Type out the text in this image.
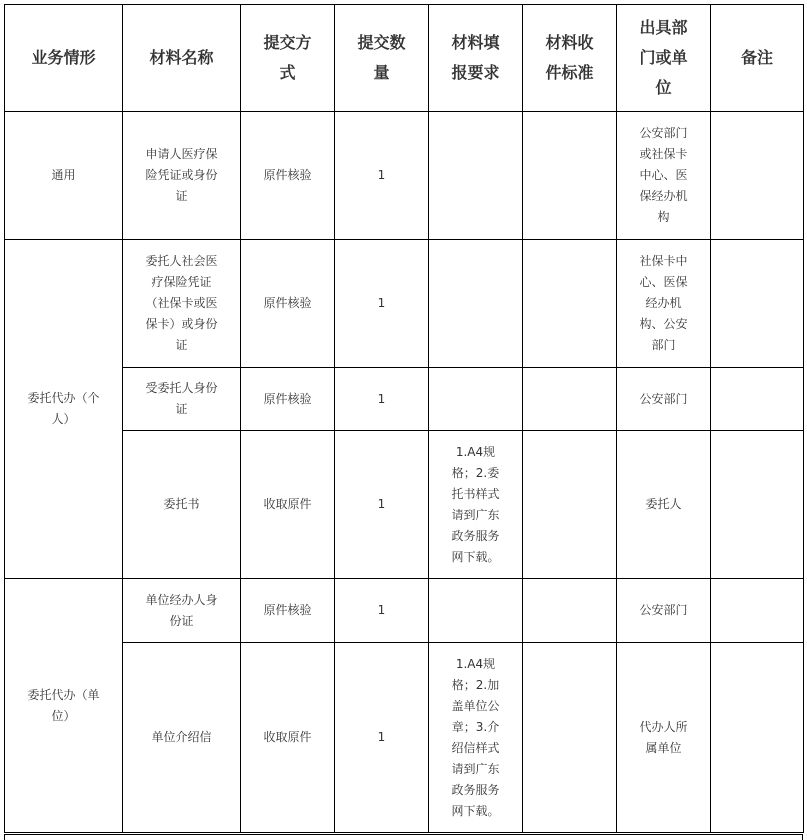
业务情形	材料名称	提交方式	提交数量	材料填报要求	材料收件标准	出具部门或单位	备注
通用	申请人医疗保险凭证或身份证	原件核验	1			公安部门或社保卡中心、医保经办机构	
委托代办（个人）	委托人社会医疗保险凭证（社保卡或医保卡）或身份证	原件核验	1			社保卡中心、医保经办机构、公安部门	
	受委托人身份证	原件核验	1			公安部门	
	委托书	收取原件	1	1.A4规格；2.委托书样式请到广东政务服务网下载。		委托人	
委托代办（单位）	单位经办人身份证	原件核验	1			公安部门	
	单位介绍信	收取原件	1	1.A4规格；2.加盖单位公章；3.介绍信样式请到广东政务服务网下载。		代办人所属单位	
